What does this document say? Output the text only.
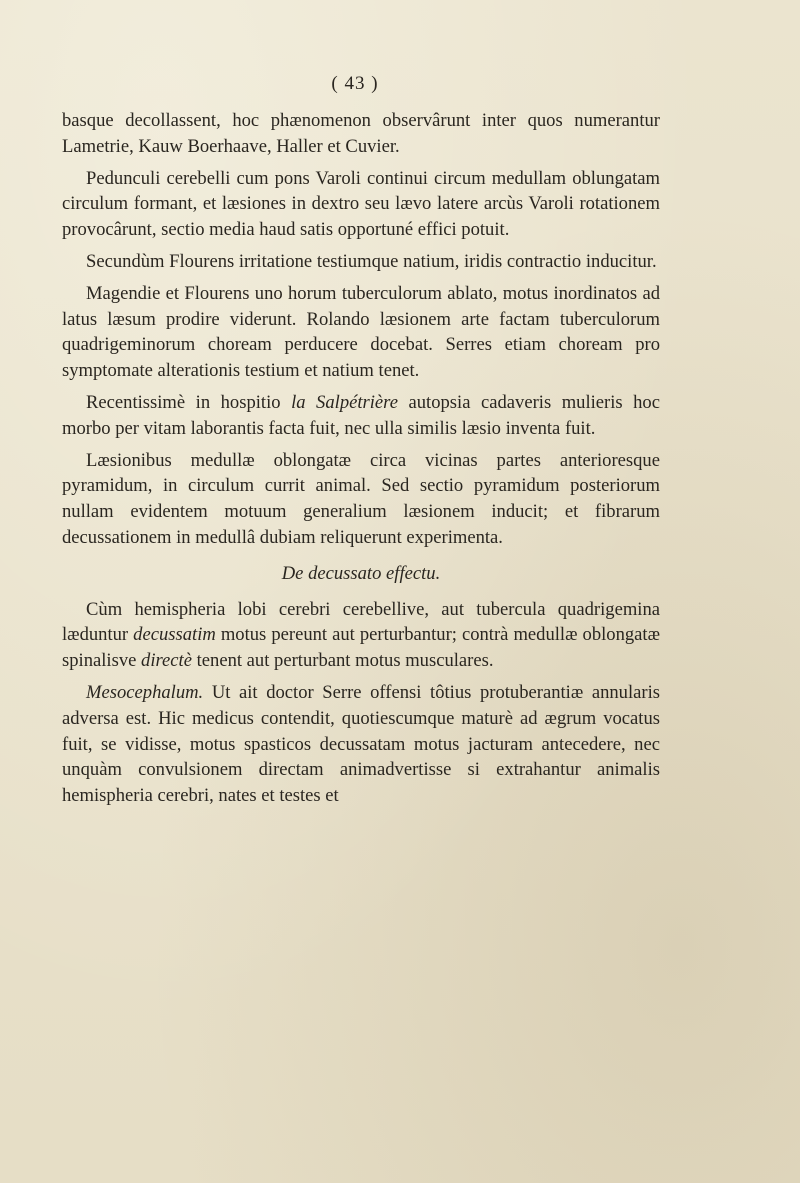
( 43 )

basque decollassent, hoc phænomenon observârunt inter quos numerantur Lametrie, Kauw Boerhaave, Haller et Cuvier.

Pedunculi cerebelli cum pons Varoli continui circum medullam oblungatam circulum formant, et læsiones in dextro seu lævo latere arcùs Varoli rotationem provocârunt, sectio media haud satis opportuné effici potuit.

Secundùm Flourens irritatione testiumque natium, iridis contractio inducitur.

Magendie et Flourens uno horum tuberculorum ablato, motus inordinatos ad latus læsum prodire viderunt. Rolando læsionem arte factam tuberculorum quadrigeminorum choream perducere docebat. Serres etiam choream pro symptomate alterationis testium et natium tenet.

Recentissimè in hospitio la Salpétrière autopsia cadaveris mulieris hoc morbo per vitam laborantis facta fuit, nec ulla similis læsio inventa fuit.

Læsionibus medullæ oblongatæ circa vicinas partes anterioresque pyramidum, in circulum currit animal. Sed sectio pyramidum posteriorum nullam evidentem motuum generalium læsionem inducit; et fibrarum decussationem in medullâ dubiam reliquerunt experimenta.

De decussato effectu.

Cùm hemispheria lobi cerebri cerebellive, aut tubercula quadrigemina læduntur decussatim motus pereunt aut perturbantur; contrà medullæ oblongatæ spinalisve directè tenent aut perturbant motus musculares.

Mesocephalum. Ut ait doctor Serre offensi tôtius protuberantiæ annularis adversa est. Hic medicus contendit, quotiescumque maturè ad ægrum vocatus fuit, se vidisse, motus spasticos decussatam motus jacturam antecedere, nec unquàm convulsionem directam animadvertisse si extrahantur animalis hemispheria cerebri, nates et testes et
